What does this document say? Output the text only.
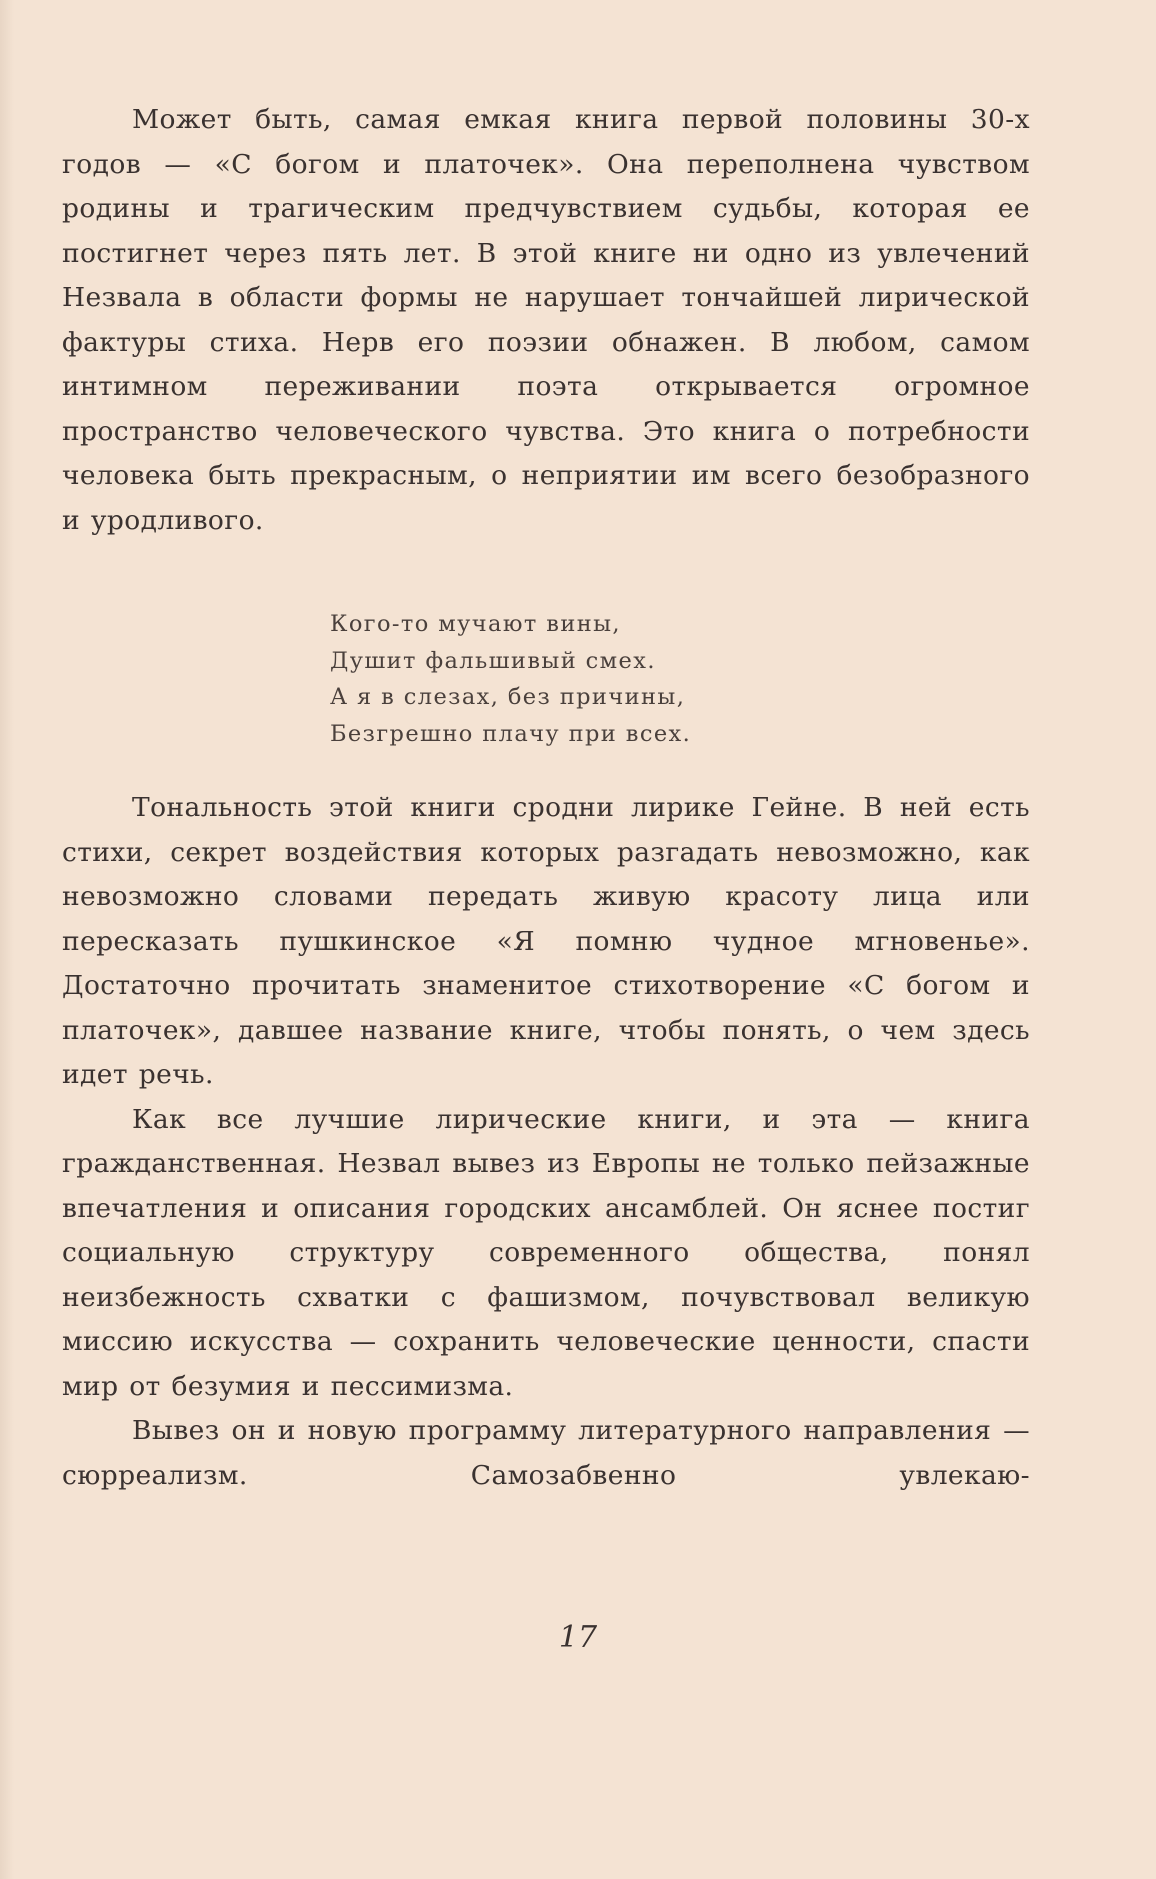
Может быть, самая емкая книга первой половины 30-х годов — «С богом и платочек». Она переполнена чувством родины и трагическим предчувствием судьбы, которая ее постигнет через пять лет. В этой книге ни одно из увлечений Незвала в области формы не нарушает тончайшей лирической фактуры стиха. Нерв его поэзии обнажен. В любом, самом интимном переживании поэта открывается огромное пространство человеческого чувства. Это книга о потребности человека быть прекрасным, о неприятии им всего безобразного и уродливого.

Кого-то мучают вины,
Душит фальшивый смех.
А я в слезах, без причины,
Безгрешно плачу при всех.

Тональность этой книги сродни лирике Гейне. В ней есть стихи, секрет воздействия которых разгадать невозможно, как невозможно словами передать живую красоту лица или пересказать пушкинское «Я помню чудное мгновенье». Достаточно прочитать знаменитое стихотворение «С богом и платочек», давшее название книге, чтобы понять, о чем здесь идет речь.

Как все лучшие лирические книги, и эта — книга гражданственная. Незвал вывез из Европы не только пейзажные впечатления и описания городских ансамблей. Он яснее постиг социальную структуру современного общества, понял неизбежность схватки с фашизмом, почувствовал великую миссию искусства — сохранить человеческие ценности, спасти мир от безумия и пессимизма.

Вывез он и новую программу литературного направления — сюрреализм. Самозабвенно увлекаю-

17
